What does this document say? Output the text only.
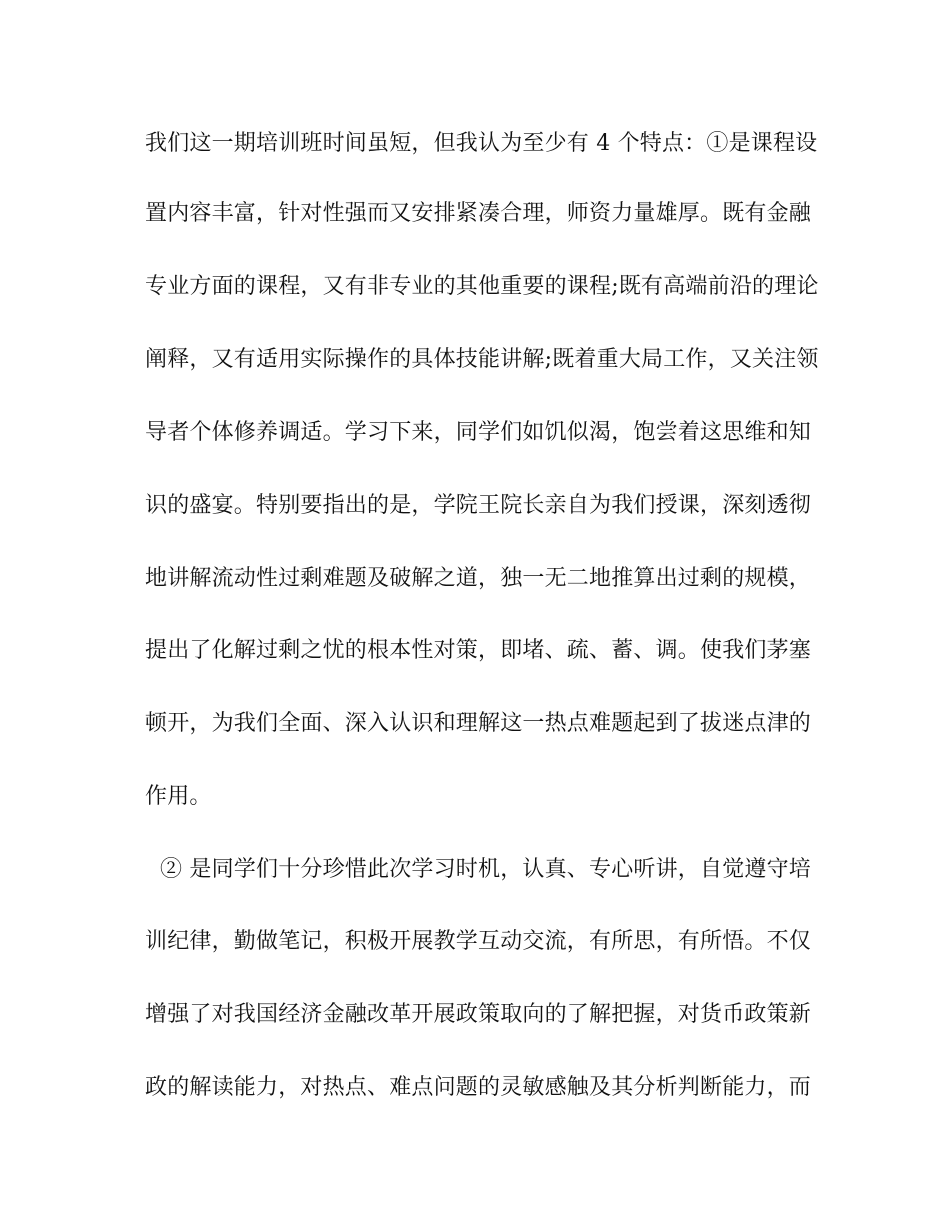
我们这一期培训班时间虽短，但我认为至少有 4 个特点：①是课程设
置内容丰富，针对性强而又安排紧凑合理，师资力量雄厚。既有金融
专业方面的课程，又有非专业的其他重要的课程;既有高端前沿的理论
阐释，又有适用实际操作的具体技能讲解;既着重大局工作，又关注领
导者个体修养调适。学习下来，同学们如饥似渴，饱尝着这思维和知
识的盛宴。特别要指出的是，学院王院长亲自为我们授课，深刻透彻
地讲解流动性过剩难题及破解之道，独一无二地推算出过剩的规模，
提出了化解过剩之忧的根本性对策，即堵、疏、蓄、调。使我们茅塞
顿开，为我们全面、深入认识和理解这一热点难题起到了拔迷点津的
作用。
② 是同学们十分珍惜此次学习时机，认真、专心听讲，自觉遵守培
训纪律，勤做笔记，积极开展教学互动交流，有所思，有所悟。不仅
增强了对我国经济金融改革开展政策取向的了解把握，对货币政策新
政的解读能力，对热点、难点问题的灵敏感触及其分析判断能力，而
